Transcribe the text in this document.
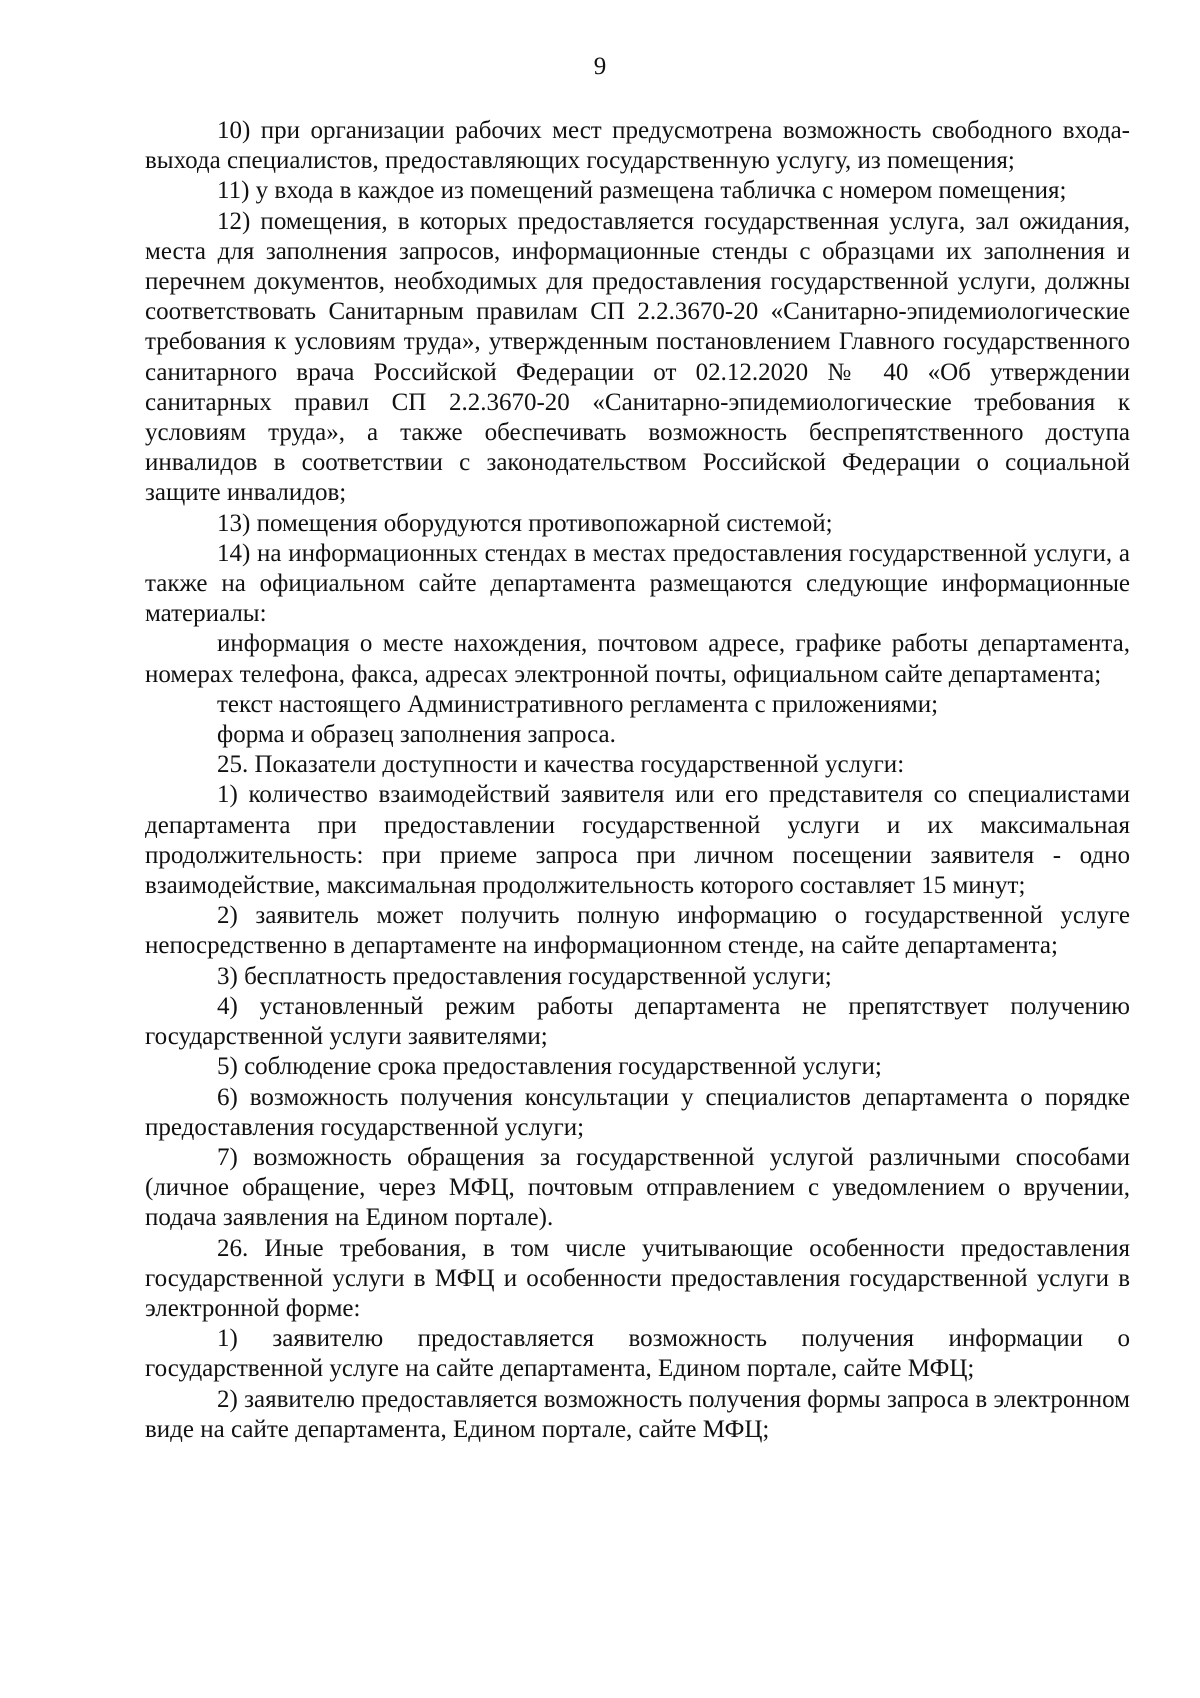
9

10) при организации рабочих мест предусмотрена возможность свободного входа-выхода специалистов, предоставляющих государственную услугу, из помещения;

11) у входа в каждое из помещений размещена табличка с номером помещения;

12) помещения, в которых предоставляется государственная услуга, зал ожидания, места для заполнения запросов, информационные стенды с образцами их заполнения и перечнем документов, необходимых для предоставления государственной услуги, должны соответствовать Санитарным правилам СП 2.2.3670-20 «Санитарно-эпидемиологические требования к условиям труда», утвержденным постановлением Главного государственного санитарного врача Российской Федерации от 02.12.2020 № 40 «Об утверждении санитарных правил СП 2.2.3670-20 «Санитарно-эпидемиологические требования к условиям труда», а также обеспечивать возможность беспрепятственного доступа инвалидов в соответствии с законодательством Российской Федерации о социальной защите инвалидов;

13) помещения оборудуются противопожарной системой;

14) на информационных стендах в местах предоставления государственной услуги, а также на официальном сайте департамента размещаются следующие информационные материалы:

информация о месте нахождения, почтовом адресе, графике работы департамента, номерах телефона, факса, адресах электронной почты, официальном сайте департамента;

текст настоящего Административного регламента с приложениями;

форма и образец заполнения запроса.

25. Показатели доступности и качества государственной услуги:

1) количество взаимодействий заявителя или его представителя со специалистами департамента при предоставлении государственной услуги и их максимальная продолжительность: при приеме запроса при личном посещении заявителя - одно взаимодействие, максимальная продолжительность которого составляет 15 минут;

2) заявитель может получить полную информацию о государственной услуге непосредственно в департаменте на информационном стенде, на сайте департамента;

3) бесплатность предоставления государственной услуги;

4) установленный режим работы департамента не препятствует получению государственной услуги заявителями;

5) соблюдение срока предоставления государственной услуги;

6) возможность получения консультации у специалистов департамента о порядке предоставления государственной услуги;

7) возможность обращения за государственной услугой различными способами (личное обращение, через МФЦ, почтовым отправлением с уведомлением о вручении, подача заявления на Едином портале).

26. Иные требования, в том числе учитывающие особенности предоставления государственной услуги в МФЦ и особенности предоставления государственной услуги в электронной форме:

1) заявителю предоставляется возможность получения информации о государственной услуге на сайте департамента, Едином портале, сайте МФЦ;

2) заявителю предоставляется возможность получения формы запроса в электронном виде на сайте департамента, Едином портале, сайте МФЦ;
